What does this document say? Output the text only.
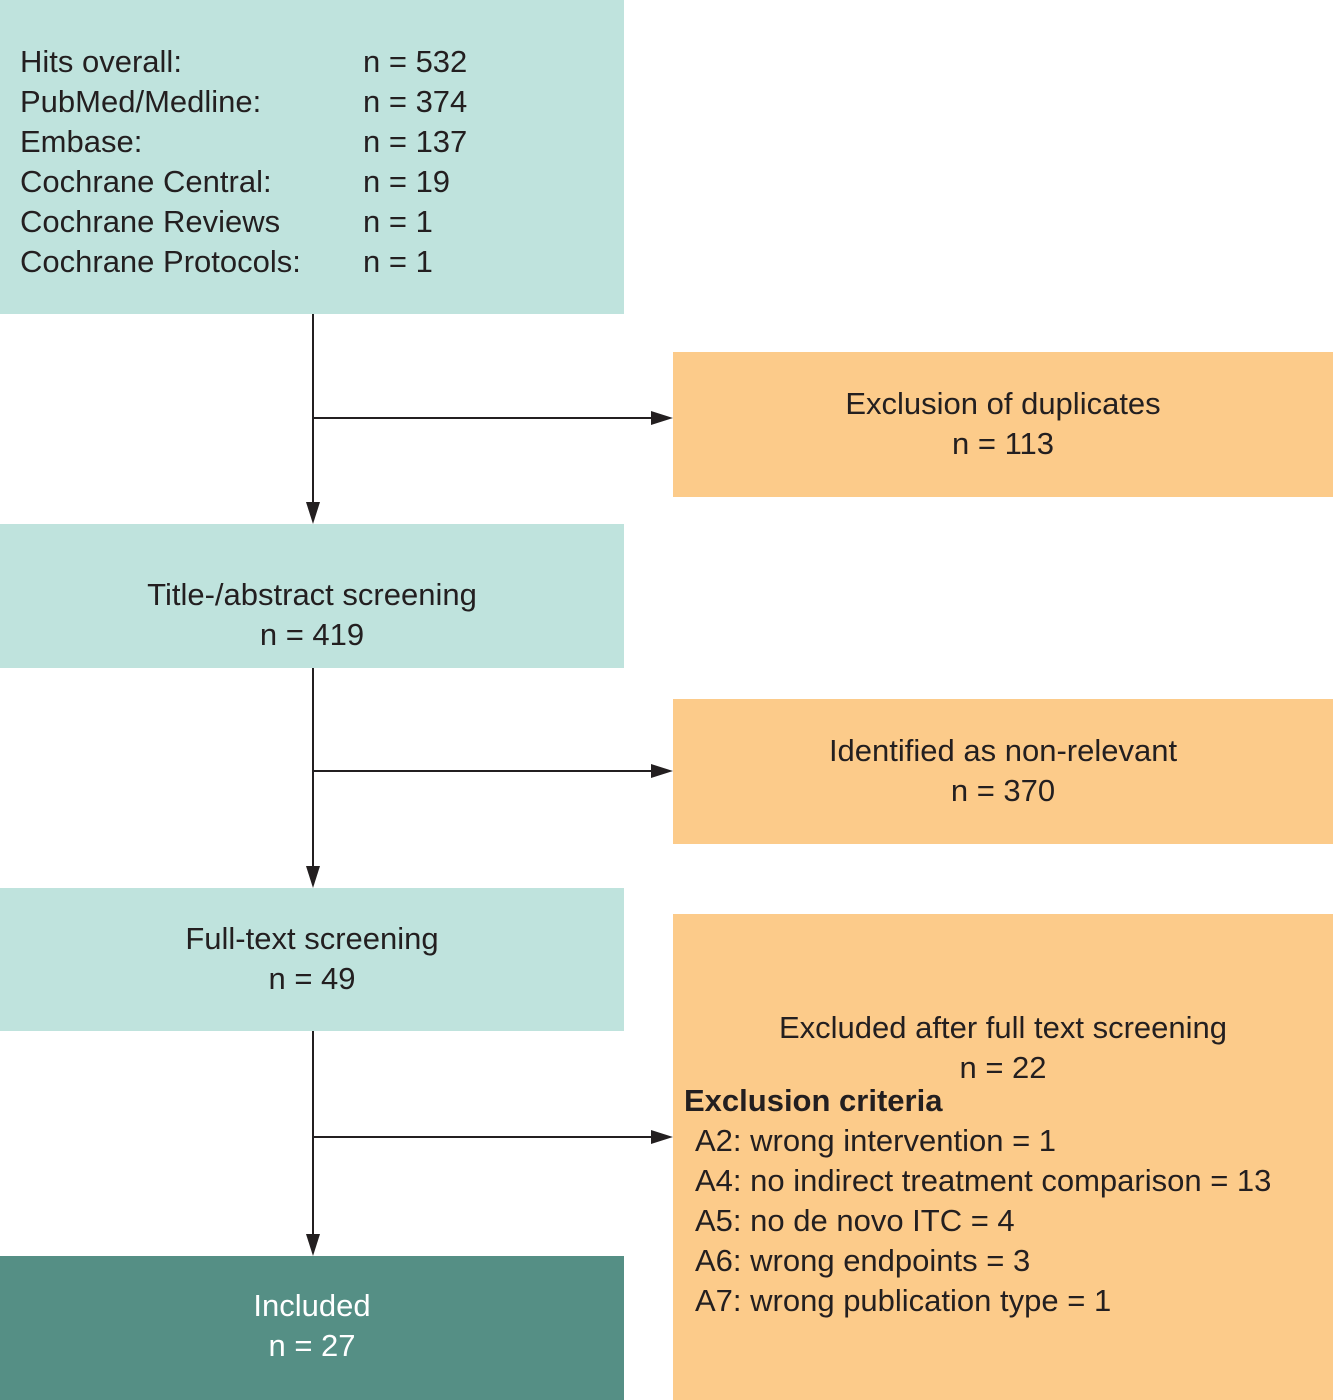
Hits overall:	n = 532
PubMed/Medline:	n = 374
Embase:	n = 137
Cochrane Central:	n = 19
Cochrane Reviews	n = 1
Cochrane Protocols:	n = 1
Title-/abstract screening
n = 419
Full-text screening
n = 49
Included
n = 27
Exclusion of duplicates
n = 113
Identified as non-relevant
n = 370
Excluded after full text screening
n = 22
Exclusion criteria
A2: wrong intervention = 1
A4: no indirect treatment comparison = 13
A5: no de novo ITC = 4
A6: wrong endpoints = 3
A7: wrong publication type = 1
